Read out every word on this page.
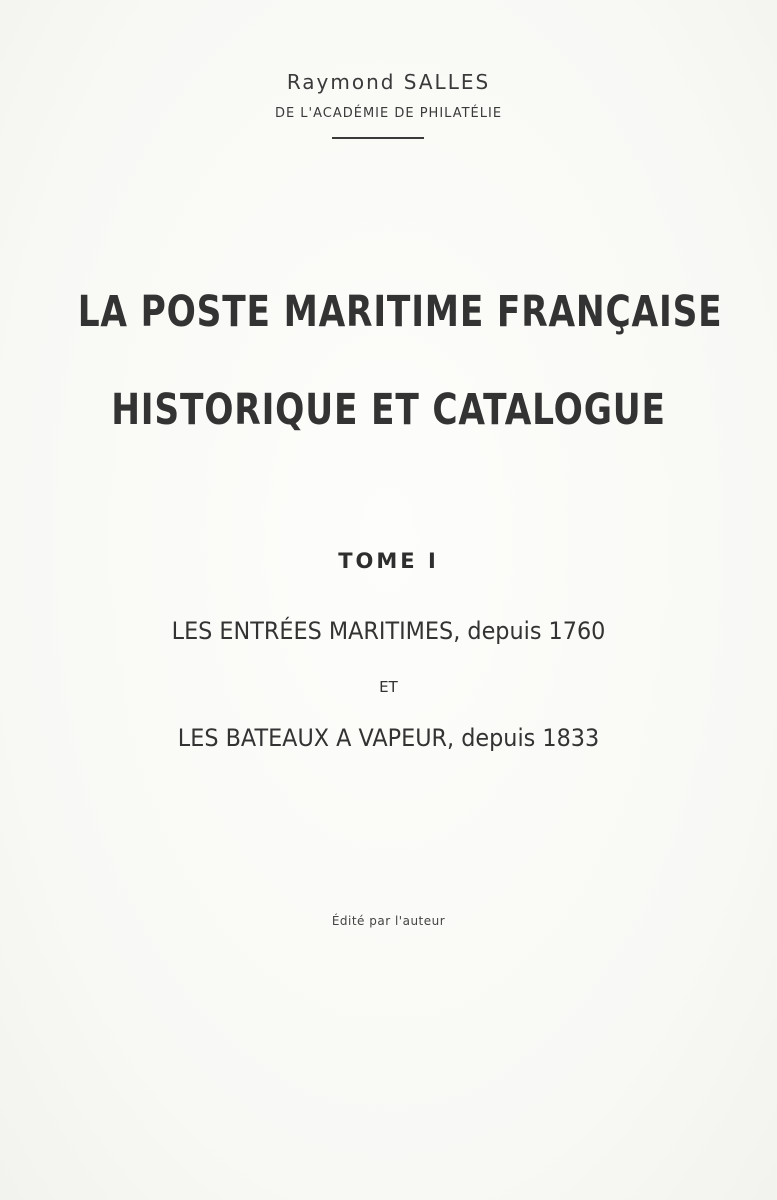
Raymond SALLES
DE L'ACADÉMIE DE PHILATÉLIE
LA POSTE MARITIME FRANÇAISE
HISTORIQUE ET CATALOGUE
TOME I
LES ENTRÉES MARITIMES, depuis 1760
ET
LES BATEAUX A VAPEUR, depuis 1833
Édité par l'auteur
